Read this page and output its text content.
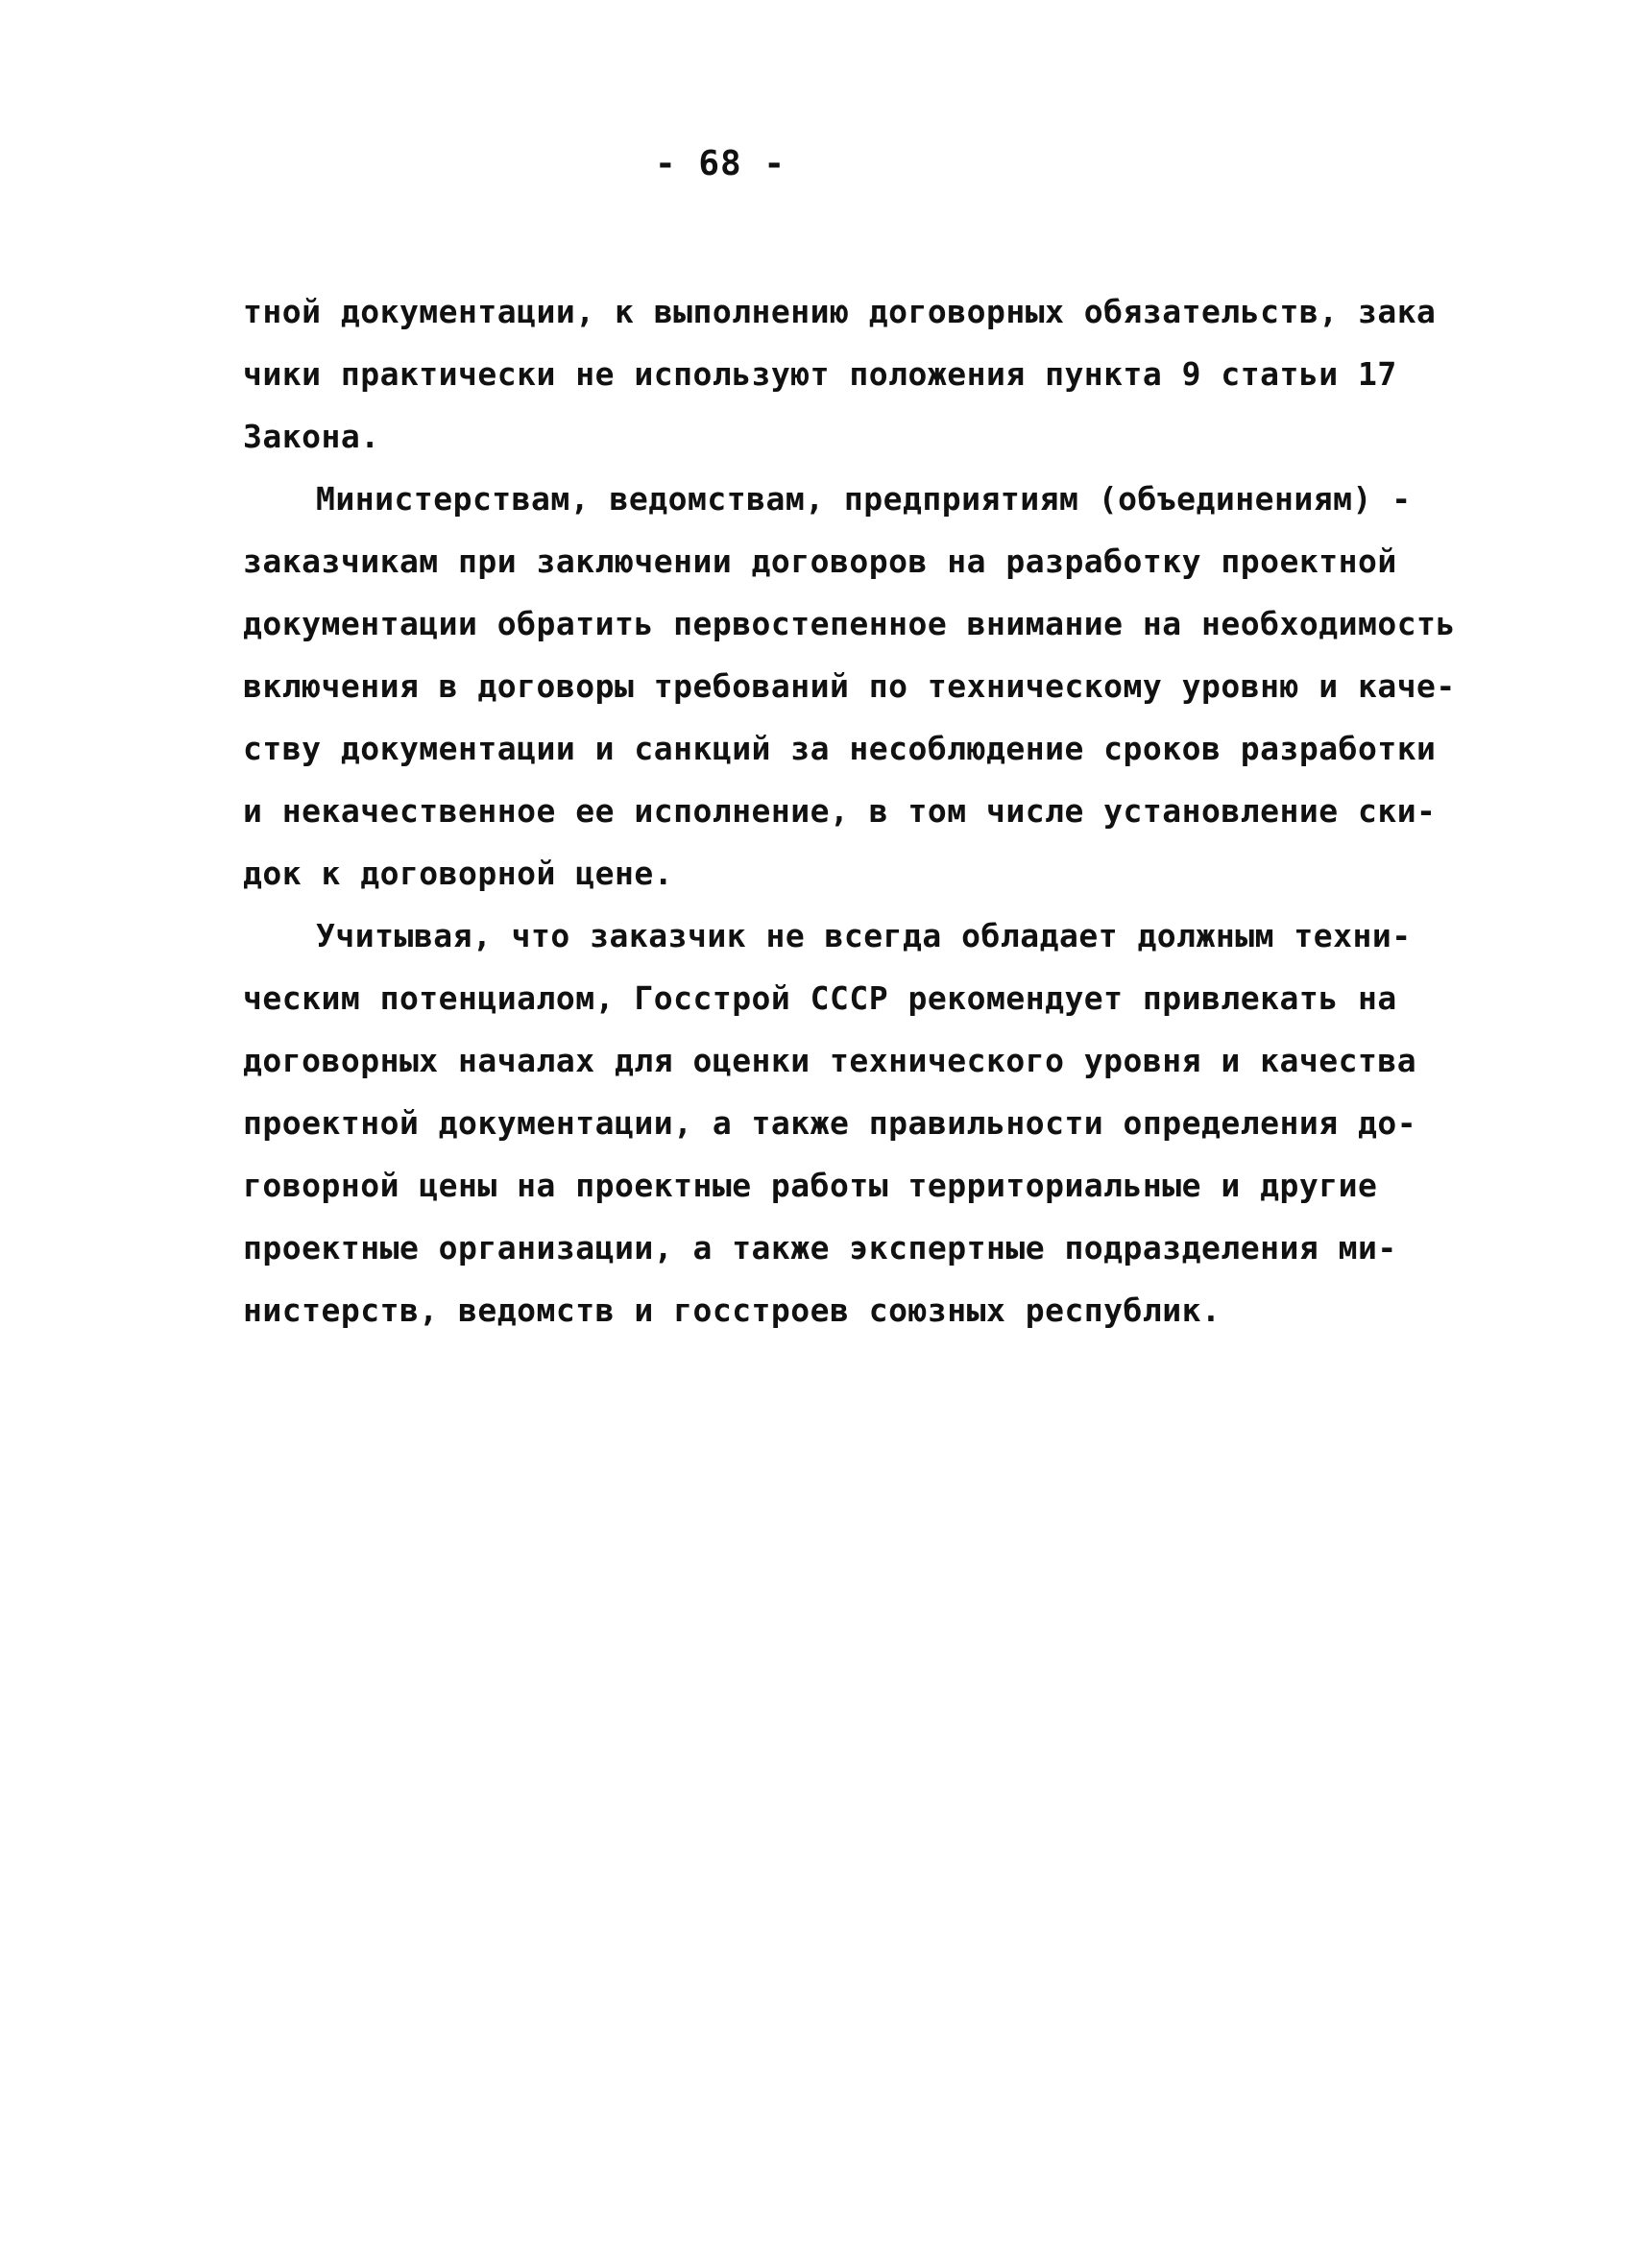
- 68 -
тной документации, к выполнению договорных обязательств, зака
чики практически не используют положения пункта 9 статьи 17
Закона.
Министерствам, ведомствам, предприятиям (объединениям) -
заказчикам при заключении договоров на разработку проектной
документации обратить первостепенное внимание на необходимость
включения в договоры требований по техническому уровню и каче-
ству документации и санкций за несоблюдение сроков разработки
и некачественное ее исполнение, в том числе установление ски-
док к договорной цене.
Учитывая, что заказчик не всегда обладает должным техни-
ческим потенциалом, Госстрой СССР рекомендует привлекать на
договорных началах для оценки технического уровня и качества
проектной документации, а также правильности определения до-
говорной цены на проектные работы территориальные и другие
проектные организации, а также экспертные подразделения ми-
нистерств, ведомств и госстроев союзных республик.
